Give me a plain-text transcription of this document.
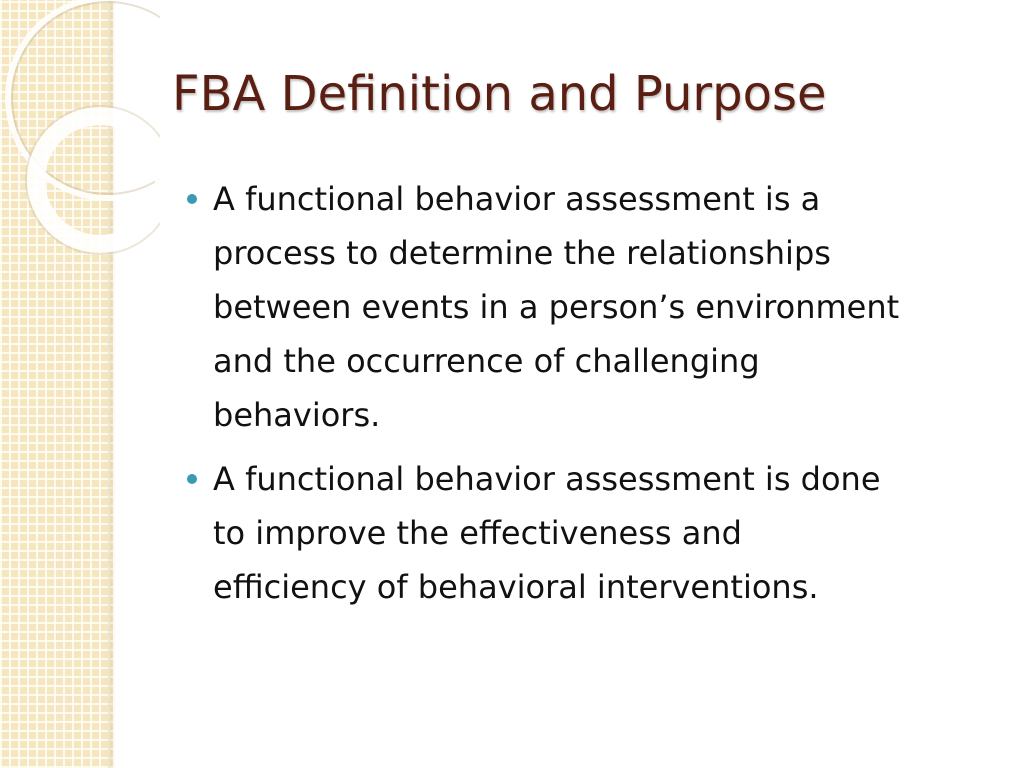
FBA Definition and Purpose
A functional behavior assessment is a
process to determine the relationships
between events in a person’s environment
and the occurrence of challenging
behaviors.
A functional behavior assessment is done
to improve the effectiveness and
efficiency of behavioral interventions.
